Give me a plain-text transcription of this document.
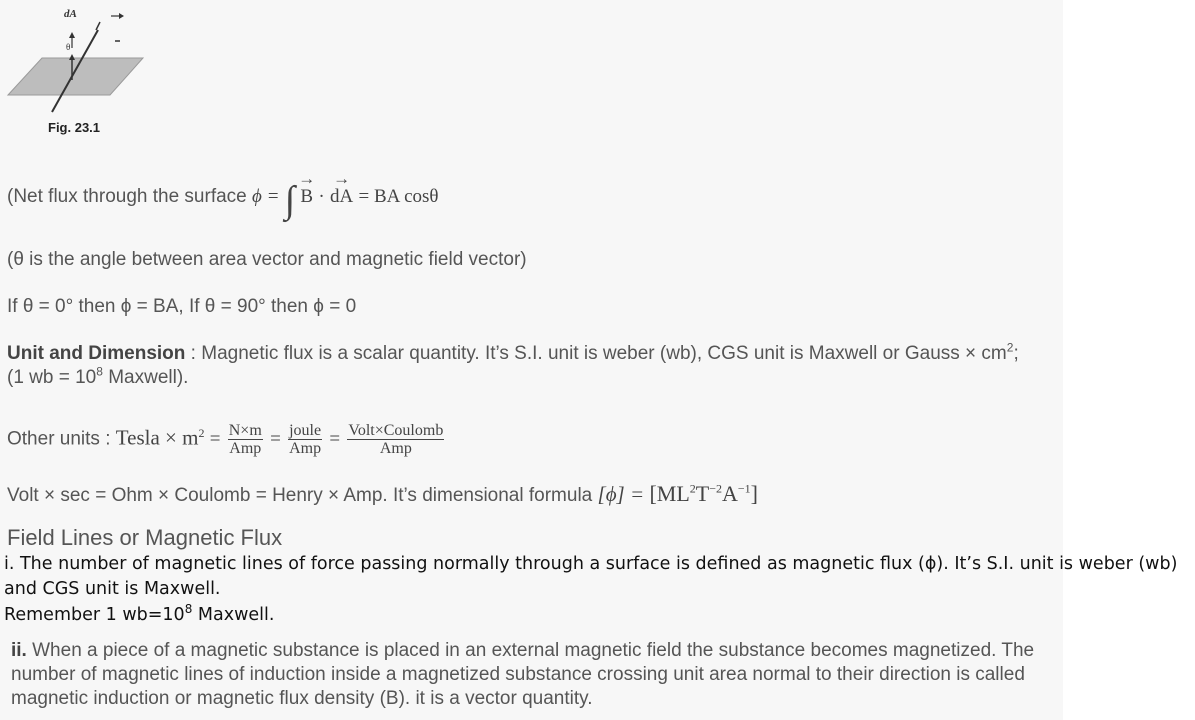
dA
θ
Fig. 23.1
(Net flux through the surface ϕ = ∫ → B · → dA = BA cosθ
(θ is the angle between area vector and magnetic field vector)
If θ = 0° then ϕ = BA, If θ = 90° then ϕ = 0
Unit and Dimension : Magnetic flux is a scalar quantity. It’s S.I. unit is weber (wb), CGS unit is Maxwell or Gauss × $cm^2$;
(1 wb = $10^8$ Maxwell).
Other units : Tesla × $m^2 = \frac{N\times m}{\text{Amp}} = \frac{\text{joule}}{\text{Amp}} = \frac{\text{Volt×Coulomb}}{\text{Amp}}$
Volt × sec = Ohm × Coulomb = Henry × Amp. It’s dimensional formula $[\phi] = [ML^2T^{-2}A^{-1}]$
Field Lines or Magnetic Flux
i. The number of magnetic lines of force passing normally through a surface is defined as magnetic flux (ϕ). It’s S.I. unit is weber (wb)
and CGS unit is Maxwell.
Remember 1 $wb=10^8$ Maxwell.
ii. When a piece of a magnetic substance is placed in an external magnetic field the substance becomes magnetized. The number of magnetic lines of induction inside a magnetized substance crossing unit area normal to their direction is called magnetic induction or magnetic flux density (B). it is a vector quantity.
